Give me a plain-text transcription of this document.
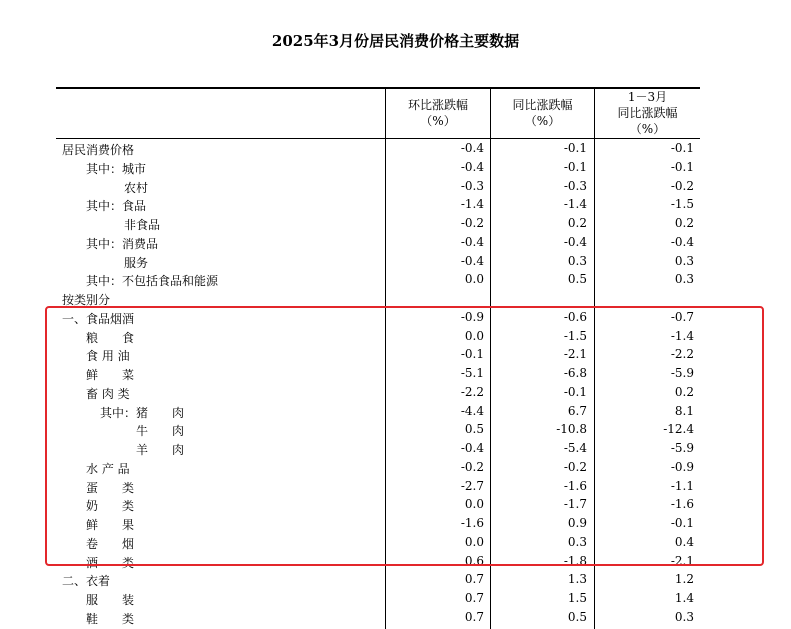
2025年3月份居民消费价格主要数据
环比涨跌幅
（%）
同比涨跌幅
（%）
1－3月
同比涨跌幅
（%）
居民消费价格	-0.4	-0.1	-0.1
其中：城市	-0.4	-0.1	-0.1
农村	-0.3	-0.3	-0.2
其中：食品	-1.4	-1.4	-1.5
非食品	-0.2	0.2	0.2
其中：消费品	-0.4	-0.4	-0.4
服务	-0.4	0.3	0.3
其中：不包括食品和能源	0.0	0.5	0.3
按类别分
一、食品烟酒	-0.9	-0.6	-0.7
粮　　食	0.0	-1.5	-1.4
食 用 油	-0.1	-2.1	-2.2
鲜　　菜	-5.1	-6.8	-5.9
畜 肉 类	-2.2	-0.1	0.2
其中：猪　　肉	-4.4	6.7	8.1
牛　　肉	0.5	-10.8	-12.4
羊　　肉	-0.4	-5.4	-5.9
水 产 品	-0.2	-0.2	-0.9
蛋　　类	-2.7	-1.6	-1.1
奶　　类	0.0	-1.7	-1.6
鲜　　果	-1.6	0.9	-0.1
卷　　烟	0.0	0.3	0.4
酒　　类	0.6	-1.8	-2.1
二、衣着	0.7	1.3	1.2
服　　装	0.7	1.5	1.4
鞋　　类	0.7	0.5	0.3
